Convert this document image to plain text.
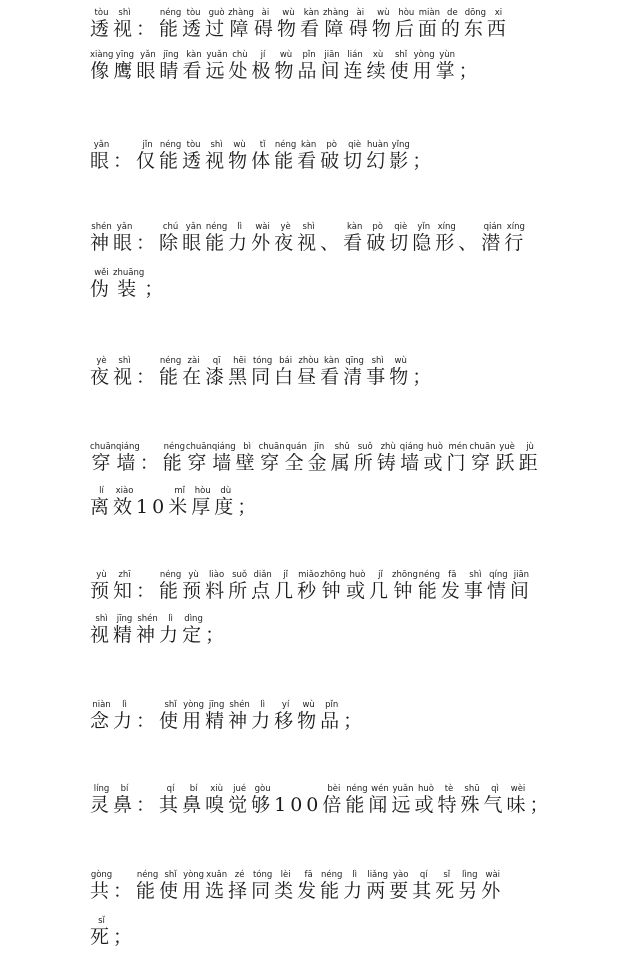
透tòu视shì：能néng透tòu过guò障zhàng碍ài物wù看kàn障zhàng碍ài物wù后hòu面miàn的de东dōng西xi
像xiàng鹰yīng眼yǎn睛jīng看kàn远yuǎn处chù极jí物wù品pǐn间jiān连lián续xù使shǐ用yòng掌yùn；
眼yǎn：仅jǐn能néng透tòu视shì物wù体tǐ能néng看kàn破pò切qiè幻huàn影yǐng；
神shén眼yǎn：除chú眼yǎn能néng力lì外wài夜yè视shì、看kàn破pò切qiè隐yǐn形xíng、潜qián行xíng
伪wěi装zhuāng；
夜yè视shì：能néng在zài漆qī黑hēi同tóng白bái昼zhòu看kàn清qīng事shì物wù；
穿chuān墙qiáng：能néng穿chuān墙qiáng壁bì穿chuān全quán金jīn属shǔ所suǒ铸zhù墙qiáng或huò门mén穿chuān跃yuè距jù
离lí效xiào10米mǐ厚hòu度dù；
预yù知zhī：能néng预yù料liào所suǒ点diǎn几jǐ秒miǎo钟zhōng或huò几jǐ钟zhōng能néng发fā事shì情qíng间jiān
视shì精jīng神shén力lì定dìng；
念niàn力lì：使shǐ用yòng精jīng神shén力lì移yí物wù品pǐn；
灵líng鼻bí：其qí鼻bí嗅xiù觉jué够gòu100倍bèi能néng闻wén远yuǎn或huò特tè殊shū气qì味wèi；
共gòng：能néng使shǐ用yòng选xuǎn择zé同tóng类lèi发fā能néng力lì两liǎng要yào其qí死sǐ另lìng外wài
死sǐ；
